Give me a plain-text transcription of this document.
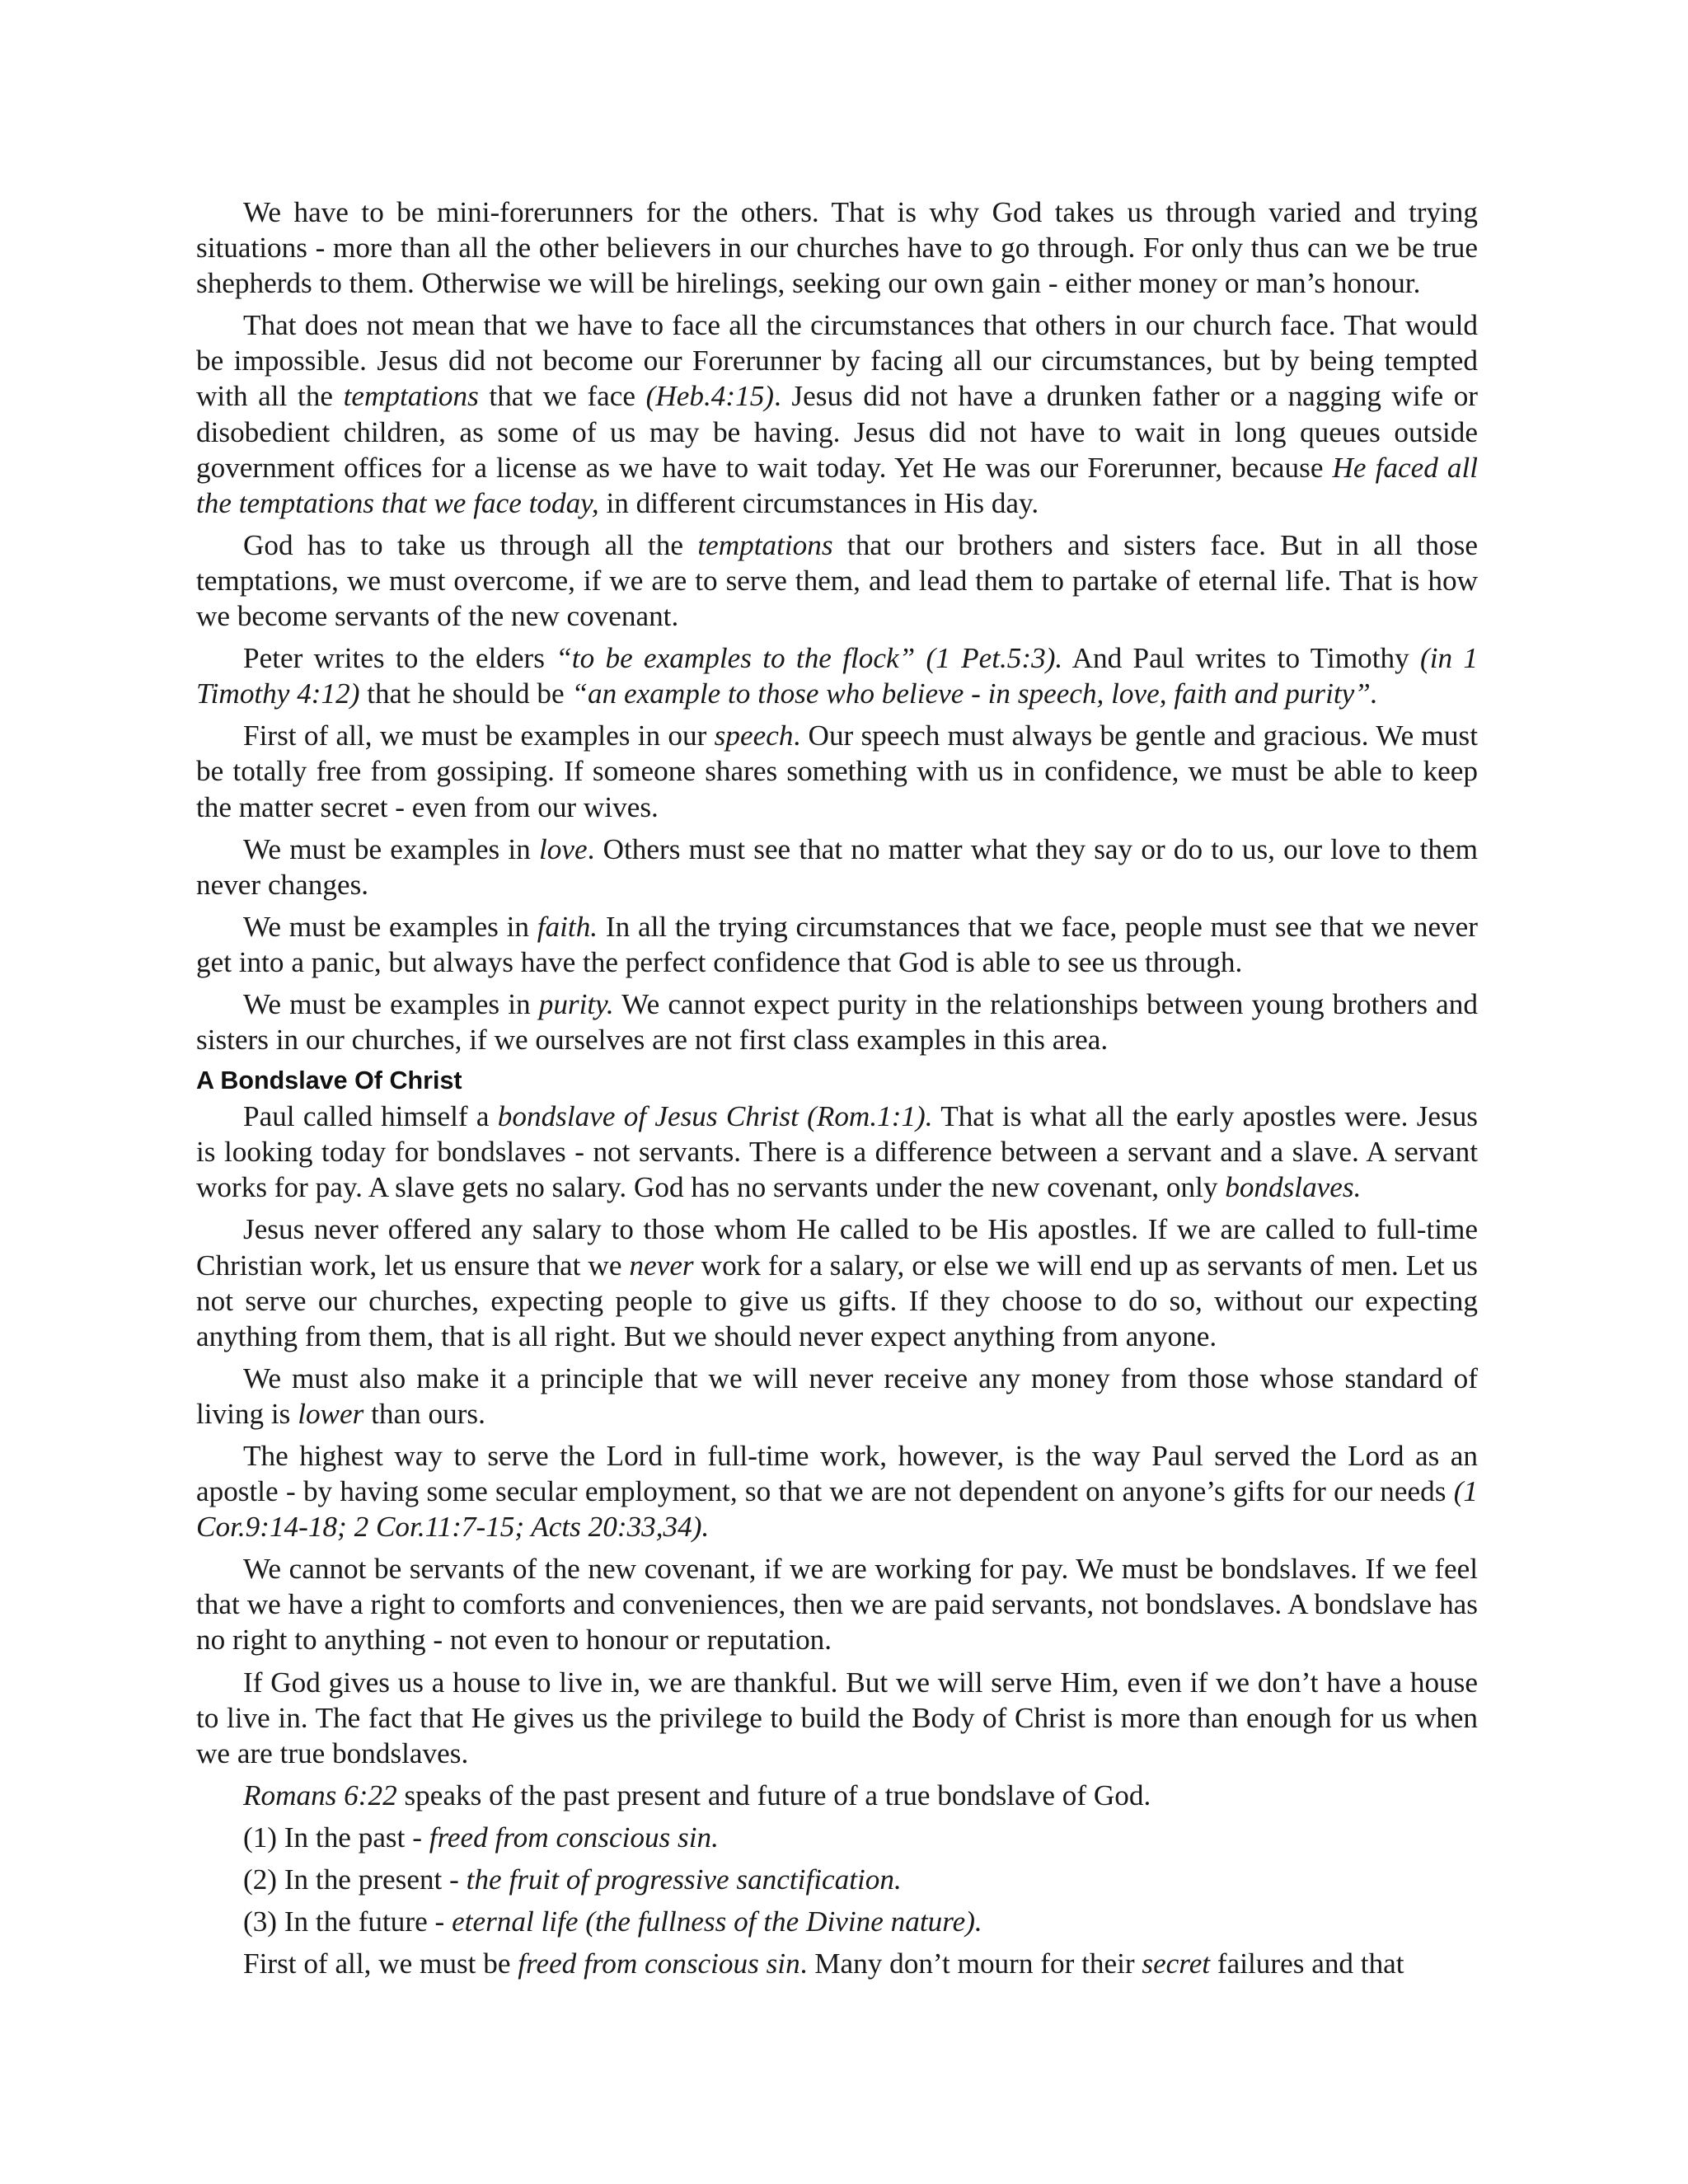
We have to be mini-forerunners for the others. That is why God takes us through varied and trying situations - more than all the other believers in our churches have to go through. For only thus can we be true shepherds to them. Otherwise we will be hirelings, seeking our own gain - either money or man’s honour.

That does not mean that we have to face all the circumstances that others in our church face. That would be impossible. Jesus did not become our Forerunner by facing all our circumstances, but by being tempted with all the temptations that we face (Heb.4:15). Jesus did not have a drunken father or a nagging wife or disobedient children, as some of us may be having. Jesus did not have to wait in long queues outside government offices for a license as we have to wait today. Yet He was our Forerunner, because He faced all the temptations that we face today, in different circumstances in His day.

God has to take us through all the temptations that our brothers and sisters face. But in all those temptations, we must overcome, if we are to serve them, and lead them to partake of eternal life. That is how we become servants of the new covenant.

Peter writes to the elders “to be examples to the flock” (1 Pet.5:3). And Paul writes to Timothy (in 1 Timothy 4:12) that he should be “an example to those who believe - in speech, love, faith and purity”.

First of all, we must be examples in our speech. Our speech must always be gentle and gracious. We must be totally free from gossiping. If someone shares something with us in confidence, we must be able to keep the matter secret - even from our wives.

We must be examples in love. Others must see that no matter what they say or do to us, our love to them never changes.

We must be examples in faith. In all the trying circumstances that we face, people must see that we never get into a panic, but always have the perfect confidence that God is able to see us through.

We must be examples in purity. We cannot expect purity in the relationships between young brothers and sisters in our churches, if we ourselves are not first class examples in this area.

A Bondslave Of Christ

Paul called himself a bondslave of Jesus Christ (Rom.1:1). That is what all the early apostles were. Jesus is looking today for bondslaves - not servants. There is a difference between a servant and a slave. A servant works for pay. A slave gets no salary. God has no servants under the new covenant, only bondslaves.

Jesus never offered any salary to those whom He called to be His apostles. If we are called to full-time Christian work, let us ensure that we never work for a salary, or else we will end up as servants of men. Let us not serve our churches, expecting people to give us gifts. If they choose to do so, without our expecting anything from them, that is all right. But we should never expect anything from anyone.

We must also make it a principle that we will never receive any money from those whose standard of living is lower than ours.

The highest way to serve the Lord in full-time work, however, is the way Paul served the Lord as an apostle - by having some secular employment, so that we are not dependent on anyone’s gifts for our needs (1 Cor.9:14-18; 2 Cor.11:7-15; Acts 20:33,34).

We cannot be servants of the new covenant, if we are working for pay. We must be bondslaves. If we feel that we have a right to comforts and conveniences, then we are paid servants, not bondslaves. A bondslave has no right to anything - not even to honour or reputation.

If God gives us a house to live in, we are thankful. But we will serve Him, even if we don’t have a house to live in. The fact that He gives us the privilege to build the Body of Christ is more than enough for us when we are true bondslaves.

Romans 6:22 speaks of the past present and future of a true bondslave of God.

(1) In the past - freed from conscious sin.

(2) In the present - the fruit of progressive sanctification.

(3) In the future - eternal life (the fullness of the Divine nature).

First of all, we must be freed from conscious sin. Many don’t mourn for their secret failures and that
